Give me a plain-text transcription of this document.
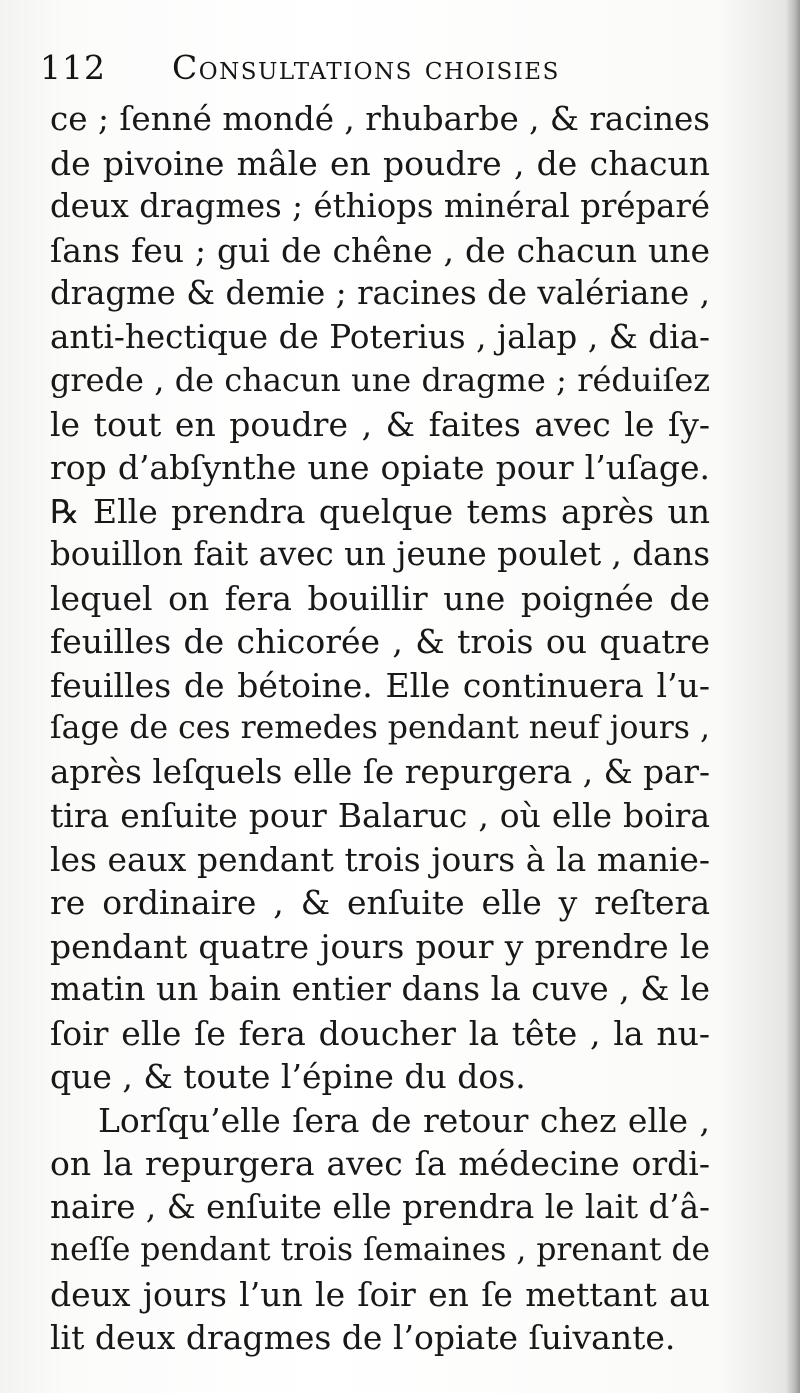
112 Consultations choisies
ce ; ſenné mondé , rhubarbe , & racines
de pivoine mâle en poudre , de chacun
deux dragmes ; éthiops minéral préparé
ſans feu ; gui de chêne , de chacun une
dragme & demie ; racines de valériane ,
anti-hectique de Poterius , jalap , & dia-
grede , de chacun une dragme ; réduiſez
le tout en poudre , & faites avec le ſy-
rop d’abſynthe une opiate pour l’uſage.
℞ Elle prendra quelque tems après un
bouillon fait avec un jeune poulet , dans
lequel on fera bouillir une poignée de
feuilles de chicorée , & trois ou quatre
feuilles de bétoine. Elle continuera l’u-
ſage de ces remedes pendant neuf jours ,
après leſquels elle ſe repurgera , & par-
tira enſuite pour Balaruc , où elle boira
les eaux pendant trois jours à la manie-
re ordinaire , & enſuite elle y reſtera
pendant quatre jours pour y prendre le
matin un bain entier dans la cuve , & le
ſoir elle ſe fera doucher la tête , la nu-
que , & toute l’épine du dos.
Lorſqu’elle ſera de retour chez elle ,
on la repurgera avec ſa médecine ordi-
naire , & enſuite elle prendra le lait d’â-
neſſe pendant trois ſemaines , prenant de
deux jours l’un le ſoir en ſe mettant au
lit deux dragmes de l’opiate ſuivante.
